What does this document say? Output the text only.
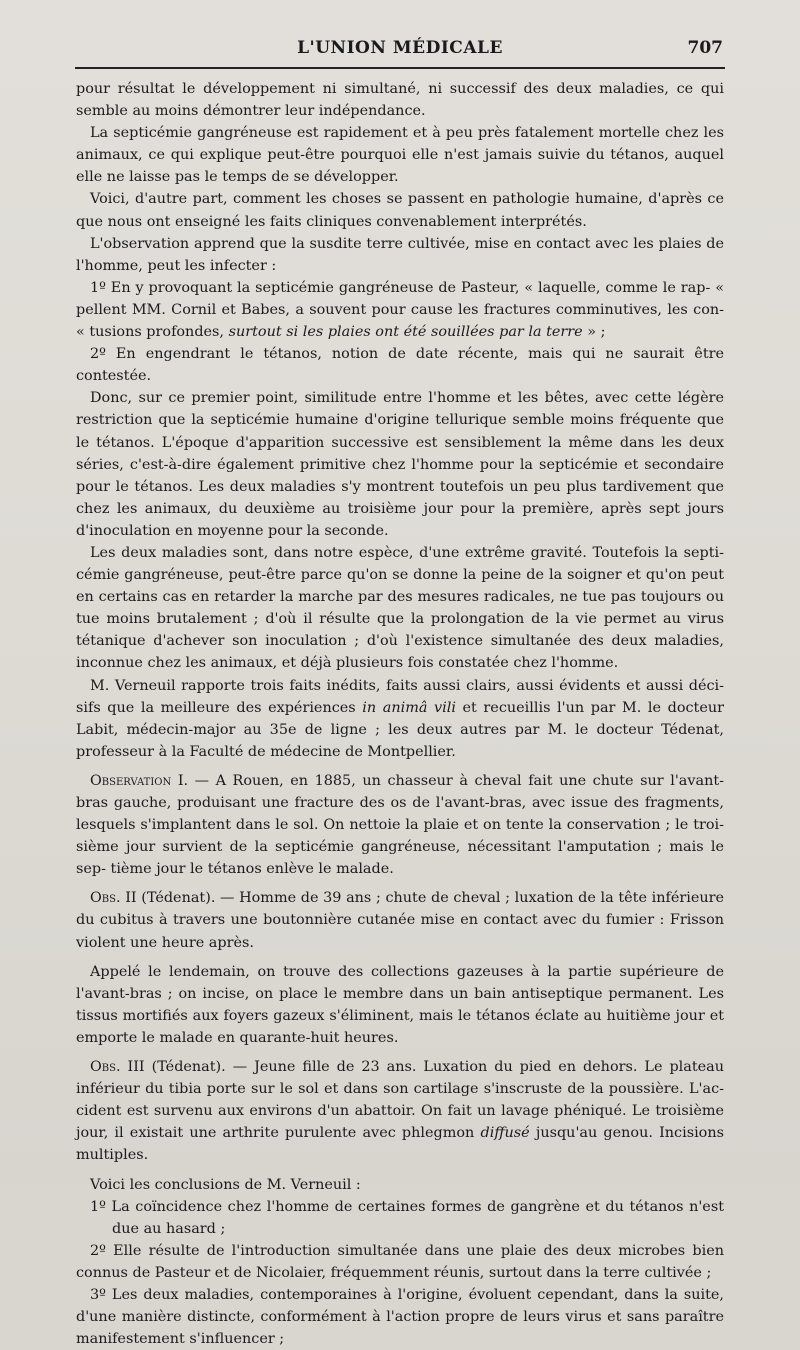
L'UNION MÉDICALE	707

pour résultat le développement ni simultané, ni successif des deux maladies, ce qui semble au moins démontrer leur indépendance.

La septicémie gangréneuse est rapidement et à peu près fatalement mortelle chez les animaux, ce qui explique peut-être pourquoi elle n'est jamais suivie du tétanos, auquel elle ne laisse pas le temps de se développer.

Voici, d'autre part, comment les choses se passent en pathologie humaine, d'après ce que nous ont enseigné les faits cliniques convenablement interprétés.

L'observation apprend que la susdite terre cultivée, mise en contact avec les plaies de l'homme, peut les infecter :

1º En y provoquant la septicémie gangréneuse de Pasteur, « laquelle, comme le rap- « pellent MM. Cornil et Babes, a souvent pour cause les fractures comminutives, les con- « tusions profondes, surtout si les plaies ont été souillées par la terre » ;

2º En engendrant le tétanos, notion de date récente, mais qui ne saurait être contestée.

Donc, sur ce premier point, similitude entre l'homme et les bêtes, avec cette légère restriction que la septicémie humaine d'origine tellurique semble moins fréquente que le tétanos. L'époque d'apparition successive est sensiblement la même dans les deux séries, c'est-à-dire également primitive chez l'homme pour la septicémie et secondaire pour le tétanos. Les deux maladies s'y montrent toutefois un peu plus tardivement que chez les animaux, du deuxième au troisième jour pour la première, après sept jours d'inoculation en moyenne pour la seconde.

Les deux maladies sont, dans notre espèce, d'une extrême gravité. Toutefois la septi- cémie gangréneuse, peut-être parce qu'on se donne la peine de la soigner et qu'on peut en certains cas en retarder la marche par des mesures radicales, ne tue pas toujours ou tue moins brutalement ; d'où il résulte que la prolongation de la vie permet au virus tétanique d'achever son inoculation ; d'où l'existence simultanée des deux maladies, inconnue chez les animaux, et déjà plusieurs fois constatée chez l'homme.

M. Verneuil rapporte trois faits inédits, faits aussi clairs, aussi évidents et aussi déci- sifs que la meilleure des expériences in animâ vili et recueillis l'un par M. le docteur Labit, médecin-major au 35e de ligne ; les deux autres par M. le docteur Tédenat, professeur à la Faculté de médecine de Montpellier.

Observation I. — A Rouen, en 1885, un chasseur à cheval fait une chute sur l'avant- bras gauche, produisant une fracture des os de l'avant-bras, avec issue des fragments, lesquels s'implantent dans le sol. On nettoie la plaie et on tente la conservation ; le troi- sième jour survient de la septicémie gangréneuse, nécessitant l'amputation ; mais le sep- tième jour le tétanos enlève le malade.

Obs. II (Tédenat). — Homme de 39 ans ; chute de cheval ; luxation de la tête inférieure du cubitus à travers une boutonnière cutanée mise en contact avec du fumier : Frisson violent une heure après.

Appelé le lendemain, on trouve des collections gazeuses à la partie supérieure de l'avant-bras ; on incise, on place le membre dans un bain antiseptique permanent. Les tissus mortifiés aux foyers gazeux s'éliminent, mais le tétanos éclate au huitième jour et emporte le malade en quarante-huit heures.

Obs. III (Tédenat). — Jeune fille de 23 ans. Luxation du pied en dehors. Le plateau inférieur du tibia porte sur le sol et dans son cartilage s'inscruste de la poussière. L'ac- cident est survenu aux environs d'un abattoir. On fait un lavage phéniqué. Le troisième jour, il existait une arthrite purulente avec phlegmon diffusé jusqu'au genou. Incisions multiples.

Voici les conclusions de M. Verneuil :

1º La coïncidence chez l'homme de certaines formes de gangrène et du tétanos n'est due au hasard ;

2º Elle résulte de l'introduction simultanée dans une plaie des deux microbes bien connus de Pasteur et de Nicolaier, fréquemment réunis, surtout dans la terre cultivée ;

3º Les deux maladies, contemporaines à l'origine, évoluent cependant, dans la suite, d'une manière distincte, conformément à l'action propre de leurs virus et sans paraître manifestement s'influencer ;
